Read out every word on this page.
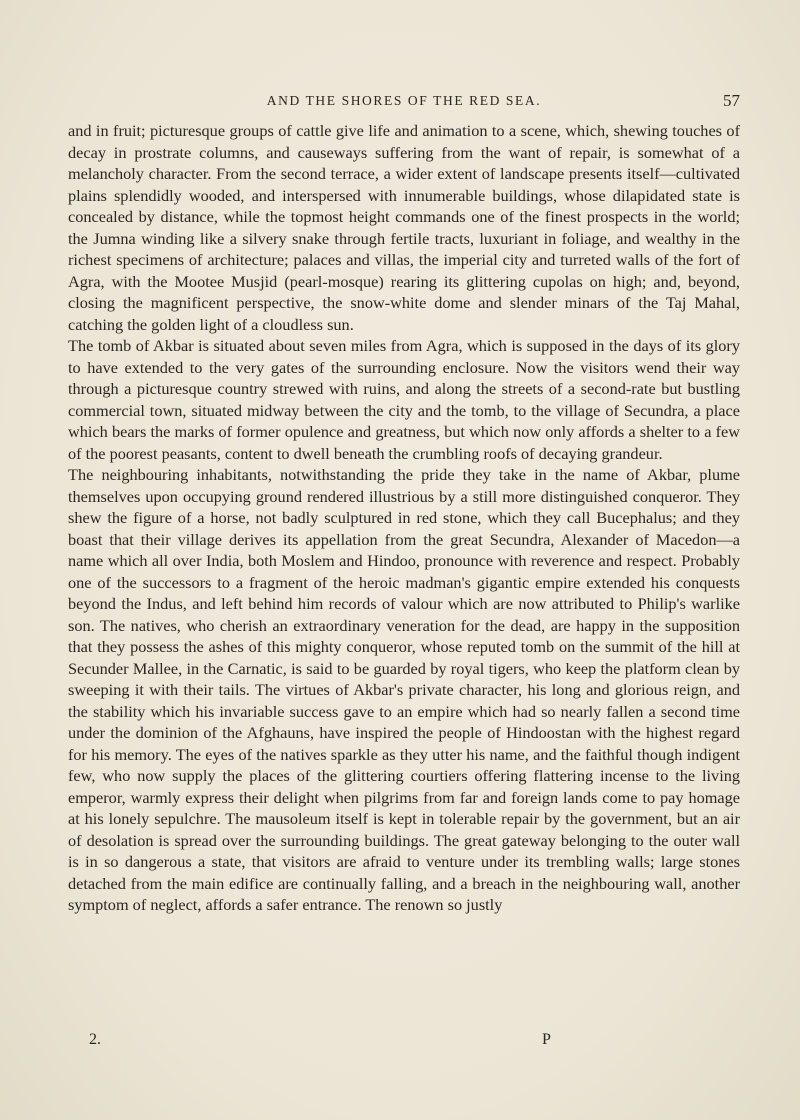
AND THE SHORES OF THE RED SEA.	57

and in fruit; picturesque groups of cattle give life and animation to a scene, which, shewing touches of decay in prostrate columns, and causeways suffering from the want of repair, is somewhat of a melancholy character. From the second terrace, a wider extent of landscape presents itself—cultivated plains splendidly wooded, and interspersed with innumerable buildings, whose dilapidated state is concealed by distance, while the topmost height commands one of the finest prospects in the world; the Jumna winding like a silvery snake through fertile tracts, luxuriant in foliage, and wealthy in the richest specimens of architecture; palaces and villas, the imperial city and turreted walls of the fort of Agra, with the Mootee Musjid (pearl-mosque) rearing its glittering cupolas on high; and, beyond, closing the magnificent perspective, the snow-white dome and slender minars of the Taj Mahal, catching the golden light of a cloudless sun.

The tomb of Akbar is situated about seven miles from Agra, which is supposed in the days of its glory to have extended to the very gates of the surrounding enclosure. Now the visitors wend their way through a picturesque country strewed with ruins, and along the streets of a second-rate but bustling commercial town, situated midway between the city and the tomb, to the village of Secundra, a place which bears the marks of former opulence and greatness, but which now only affords a shelter to a few of the poorest peasants, content to dwell beneath the crumbling roofs of decaying grandeur.

The neighbouring inhabitants, notwithstanding the pride they take in the name of Akbar, plume themselves upon occupying ground rendered illustrious by a still more distinguished conqueror. They shew the figure of a horse, not badly sculptured in red stone, which they call Bucephalus; and they boast that their village derives its appellation from the great Secundra, Alexander of Macedon—a name which all over India, both Moslem and Hindoo, pronounce with reverence and respect. Probably one of the successors to a fragment of the heroic madman's gigantic empire extended his conquests beyond the Indus, and left behind him records of valour which are now attributed to Philip's warlike son. The natives, who cherish an extraordinary veneration for the dead, are happy in the supposition that they possess the ashes of this mighty conqueror, whose reputed tomb on the summit of the hill at Secunder Mallee, in the Carnatic, is said to be guarded by royal tigers, who keep the platform clean by sweeping it with their tails. The virtues of Akbar's private character, his long and glorious reign, and the stability which his invariable success gave to an empire which had so nearly fallen a second time under the dominion of the Afghauns, have inspired the people of Hindoostan with the highest regard for his memory. The eyes of the natives sparkle as they utter his name, and the faithful though indigent few, who now supply the places of the glittering courtiers offering flattering incense to the living emperor, warmly express their delight when pilgrims from far and foreign lands come to pay homage at his lonely sepulchre. The mausoleum itself is kept in tolerable repair by the government, but an air of desolation is spread over the surrounding buildings. The great gateway belonging to the outer wall is in so dangerous a state, that visitors are afraid to venture under its trembling walls; large stones detached from the main edifice are continually falling, and a breach in the neighbouring wall, another symptom of neglect, affords a safer entrance. The renown so justly

2.	P
